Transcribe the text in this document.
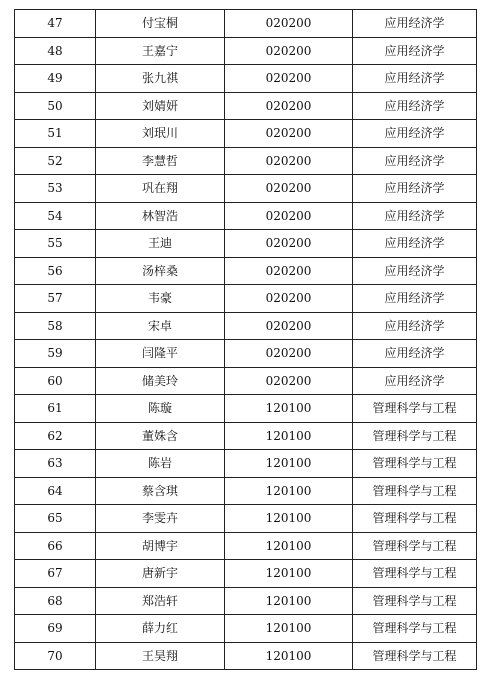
47	付宝桐	020200	应用经济学
48	王嘉宁	020200	应用经济学
49	张九祺	020200	应用经济学
50	刘婧妍	020200	应用经济学
51	刘珉川	020200	应用经济学
52	李慧哲	020200	应用经济学
53	巩在翔	020200	应用经济学
54	林智浩	020200	应用经济学
55	王迪	020200	应用经济学
56	汤梓桑	020200	应用经济学
57	韦豪	020200	应用经济学
58	宋卓	020200	应用经济学
59	闫隆平	020200	应用经济学
60	储美玲	020200	应用经济学
61	陈璇	120100	管理科学与工程
62	董姝含	120100	管理科学与工程
63	陈岩	120100	管理科学与工程
64	蔡含琪	120100	管理科学与工程
65	李雯卉	120100	管理科学与工程
66	胡博宇	120100	管理科学与工程
67	唐新宇	120100	管理科学与工程
68	郑浩轩	120100	管理科学与工程
69	薛力红	120100	管理科学与工程
70	王昊翔	120100	管理科学与工程
